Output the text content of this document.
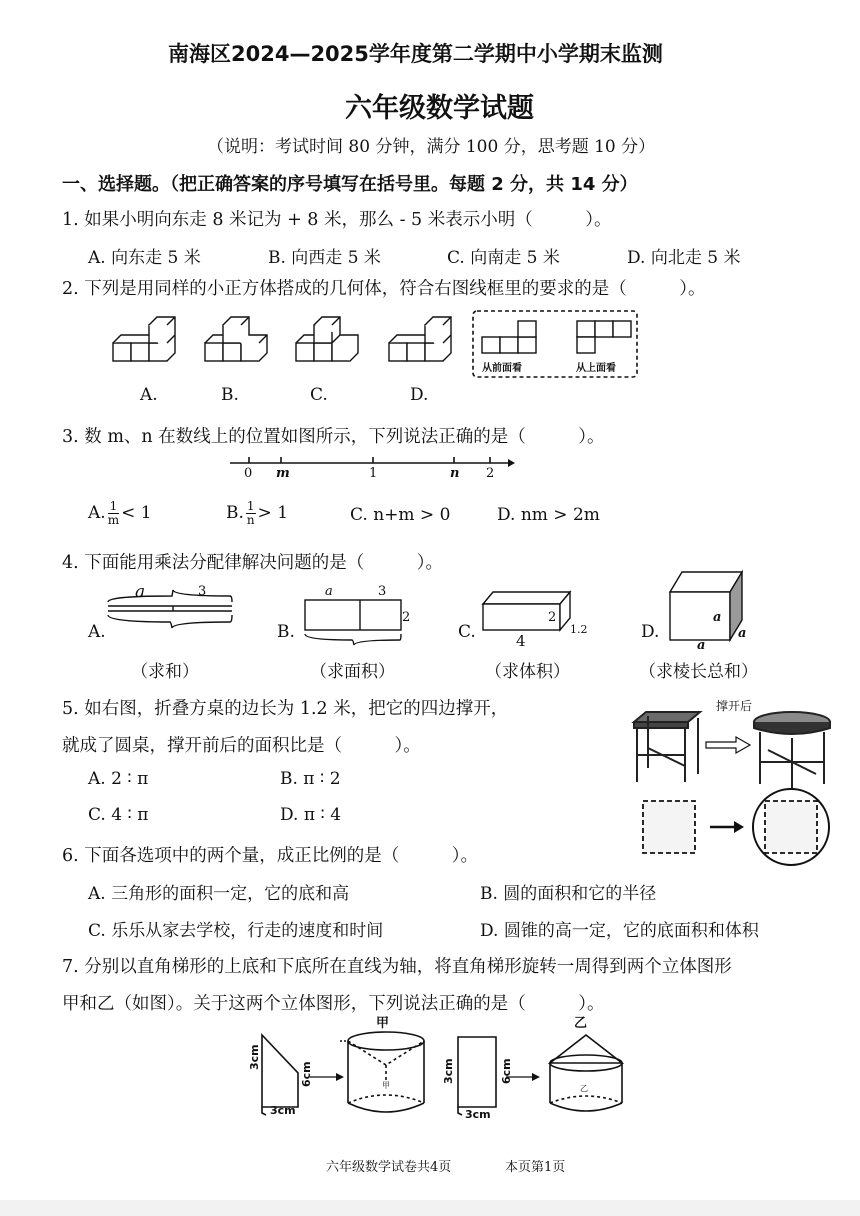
南海区2024—2025学年度第二学期中小学期末监测
六年级数学试题
（说明：考试时间 80 分钟，满分 100 分，思考题 10 分）
一、选择题。（把正确答案的序号填写在括号里。每题 2 分，共 14 分）
1. 如果小明向东走 8 米记为 + 8 米，那么 - 5 米表示小明（　　　）。
A. 向东走 5 米	B. 向西走 5 米	C. 向南走 5 米	D. 向北走 5 米
2. 下列是用同样的小正方体搭成的几何体，符合右图线框里的要求的是（　　　）。
从前面看	从上面看
A.	B.	C.	D.
3. 数 m、n 在数线上的位置如图所示，下列说法正确的是（　　　）。
0 m	1	n 2
A. $\frac{1}{m} < 1$	B. $\frac{1}{n} > 1$	C. n+m > 0	D. nm > 2m
4. 下面能用乘法分配律解决问题的是（　　　）。
a	3	a	3
2	2
1.2
4
a
a
a
A.	B.	C.	D.
（求和）	（求面积）	（求体积）	（求棱长总和）
5. 如右图，折叠方桌的边长为 1.2 米，把它的四边撑开，
就成了圆桌，撑开前后的面积比是（　　　）。
A. 2 ∶ π	B. π ∶ 2
C. 4 ∶ π	D. π ∶ 4
撑开后
6. 下面各选项中的两个量，成正比例的是（　　　）。
A. 三角形的面积一定，它的底和高	B. 圆的面积和它的半径
C. 乐乐从家去学校，行走的速度和时间	D. 圆锥的高一定，它的底面积和体积
7. 分别以直角梯形的上底和下底所在直线为轴，将直角梯形旋转一周得到两个立体图形
甲和乙（如图）。关于这两个立体图形，下列说法正确的是（　　　）。
甲	乙
3cm
6cm
3cm
3cm	6cm
3cm
甲	乙
六年级数学试卷共4页	本页第1页
